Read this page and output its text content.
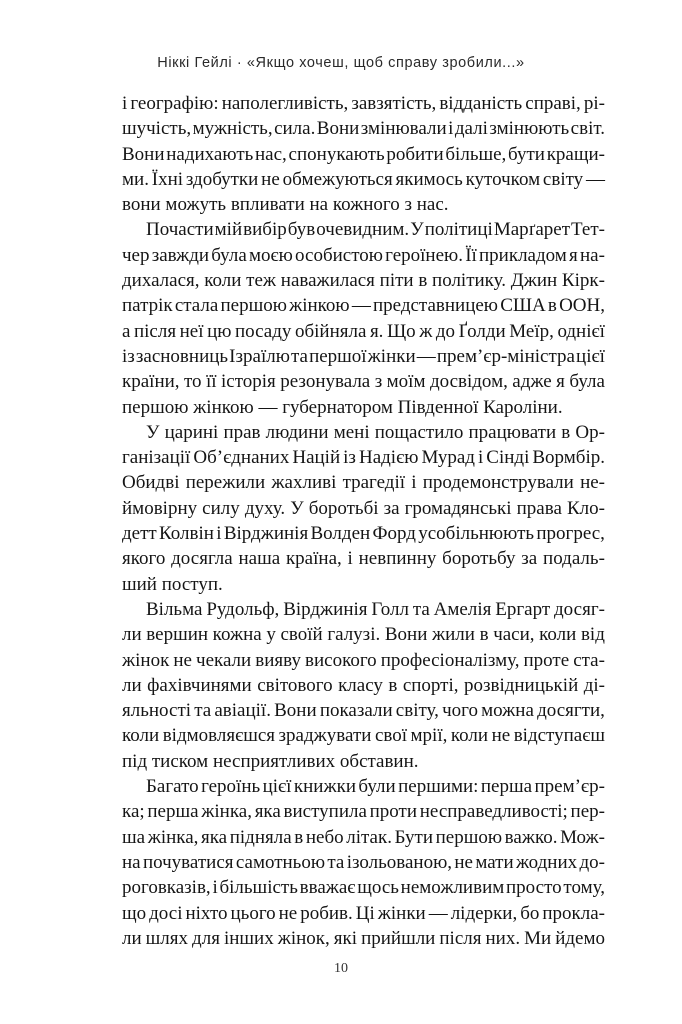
Ніккі Гейлі · «Якщо хочеш, щоб справу зробили...»
і географію: наполегливість, завзятість, відданість справі, рі-
шучість, мужність, сила. Вони змінювали і далі змінюють світ.
Вони надихають нас, спонукають робити більше, бути кращи-
ми. Їхні здобутки не обмежуються якимось куточком світу —
вони можуть впливати на кожного з нас.
Почасти мій вибір був очевидним. У політиці Марґарет Тет-
чер завжди була моєю особистою героїнею. Її прикладом я на-
дихалася, коли теж наважилася піти в політику. Джин Кірк-
патрік стала першою жінкою — представницею США в ООН,
а після неї цю посаду обійняла я. Що ж до Ґолди Меїр, однієї
із засновниць Ізраїлю та першої жінки — прем’єр-міністра цієї
країни, то її історія резонувала з моїм досвідом, адже я була
першою жінкою — губернатором Південної Кароліни.
У царині прав людини мені пощастило працювати в Ор-
ганізації Об’єднаних Націй із Надією Мурад і Сінді Вормбір.
Обидві пережили жахливі трагедії і продемонстрували не-
ймовірну силу духу. У боротьбі за громадянські права Кло-
детт Колвін і Вірджинія Волден Форд усобільнюють прогрес,
якого досягла наша країна, і невпинну боротьбу за подаль-
ший поступ.
Вільма Рудольф, Вірджинія Голл та Амелія Ергарт досяг-
ли вершин кожна у своїй галузі. Вони жили в часи, коли від
жінок не чекали вияву високого професіоналізму, проте ста-
ли фахівчинями світового класу в спорті, розвідницькій ді-
яльності та авіації. Вони показали світу, чого можна досягти,
коли відмовляєшся зраджувати свої мрії, коли не відступаєш
під тиском несприятливих обставин.
Багато героїнь цієї книжки були першими: перша прем’єр-
ка; перша жінка, яка виступила проти несправедливості; пер-
ша жінка, яка підняла в небо літак. Бути першою важко. Мож-
на почуватися самотньою та ізольованою, не мати жодних до-
роговказів, і більшість вважає щось неможливим просто тому,
що досі ніхто цього не робив. Ці жінки — лідерки, бо прокла-
ли шлях для інших жінок, які прийшли після них. Ми йдемо
10
